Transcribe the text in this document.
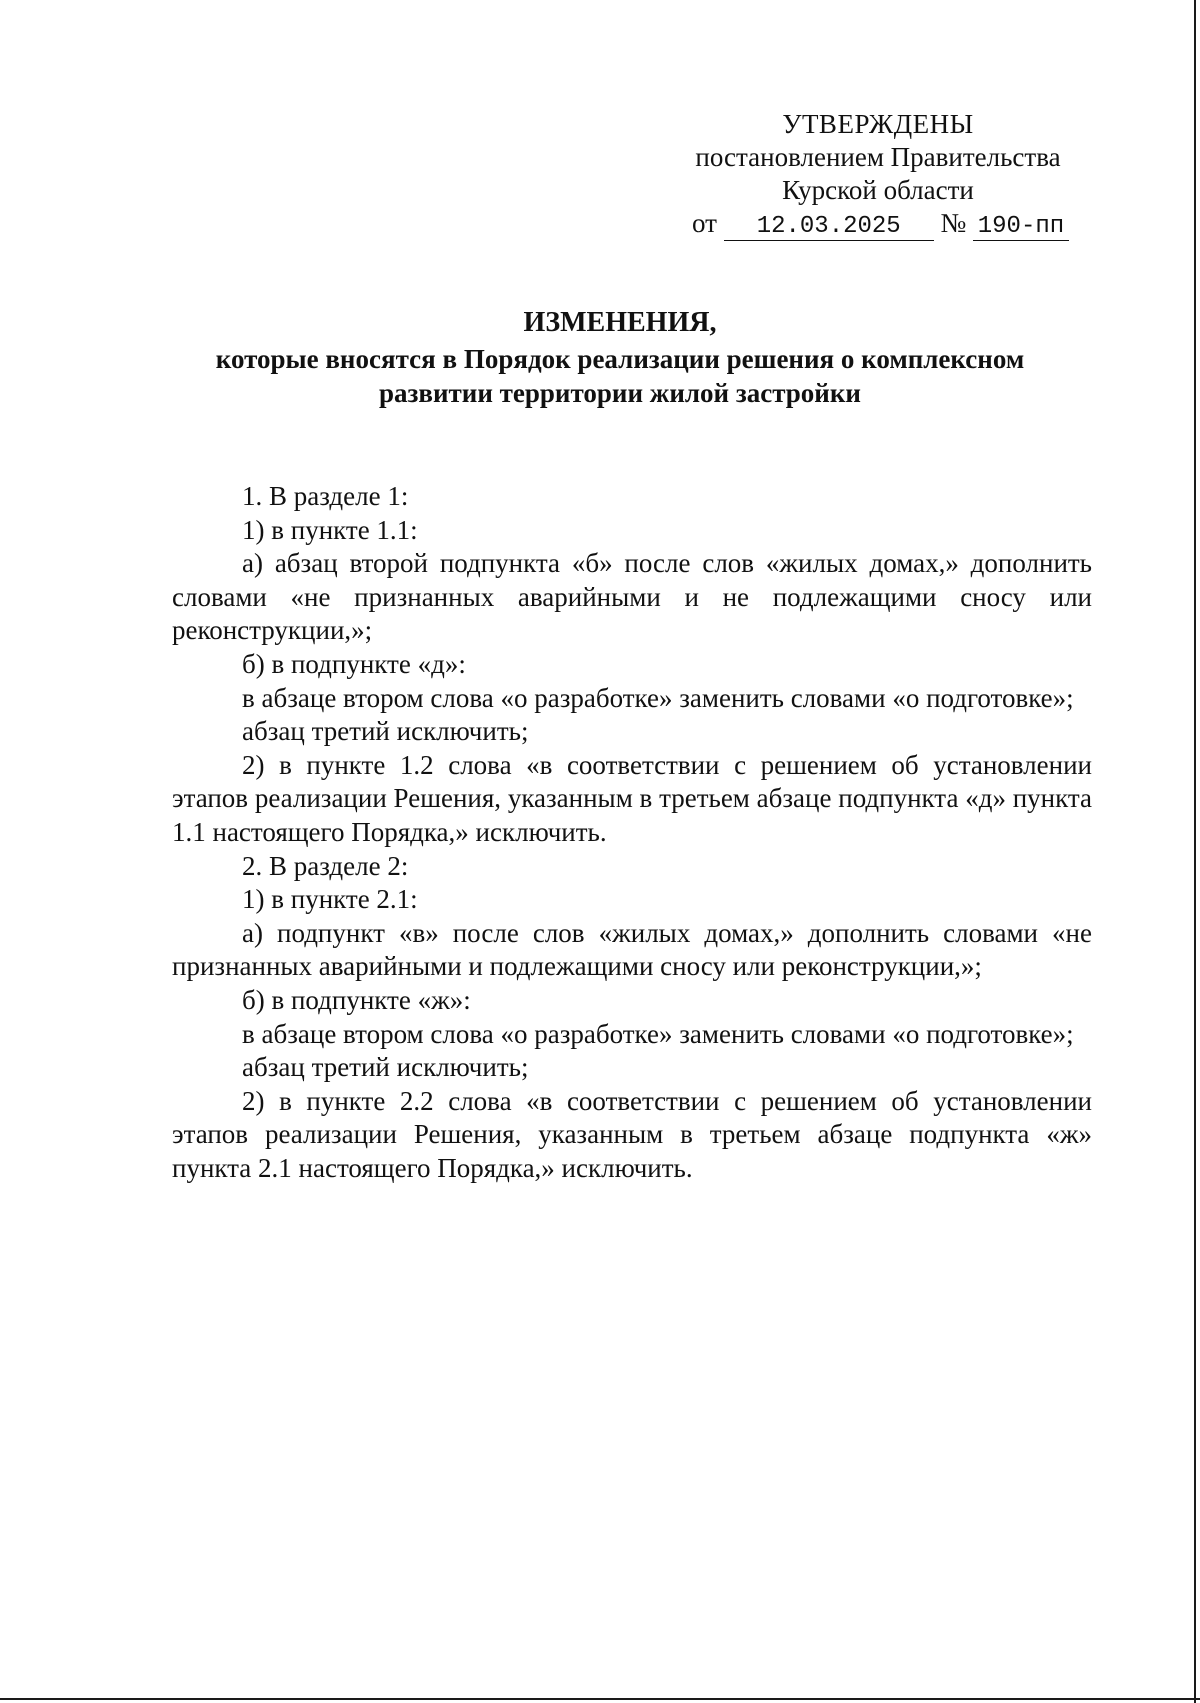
УТВЕРЖДЕНЫ
постановлением Правительства
Курской области
от 12.03.2025 № 190-пп
ИЗМЕНЕНИЯ,
которые вносятся в Порядок реализации решения о комплексном
развитии территории жилой застройки

1. В разделе 1:

1) в пункте 1.1:

а) абзац второй подпункта «б» после слов «жилых домах,» дополнить словами «не признанных аварийными и не подлежащими сносу или реконструкции,»;

б) в подпункте «д»:

в абзаце втором слова «о разработке» заменить словами «о подготовке»;

абзац третий исключить;

2) в пункте 1.2 слова «в соответствии с решением об установлении этапов реализации Решения, указанным в третьем абзаце подпункта «д» пункта 1.1 настоящего Порядка,» исключить.

2. В разделе 2:

1) в пункте 2.1:

а) подпункт «в» после слов «жилых домах,» дополнить словами «не признанных аварийными и подлежащими сносу или реконструкции,»;

б) в подпункте «ж»:

в абзаце втором слова «о разработке» заменить словами «о подготовке»;

абзац третий исключить;

2) в пункте 2.2 слова «в соответствии с решением об установлении этапов реализации Решения, указанным в третьем абзаце подпункта «ж» пункта 2.1 настоящего Порядка,» исключить.
